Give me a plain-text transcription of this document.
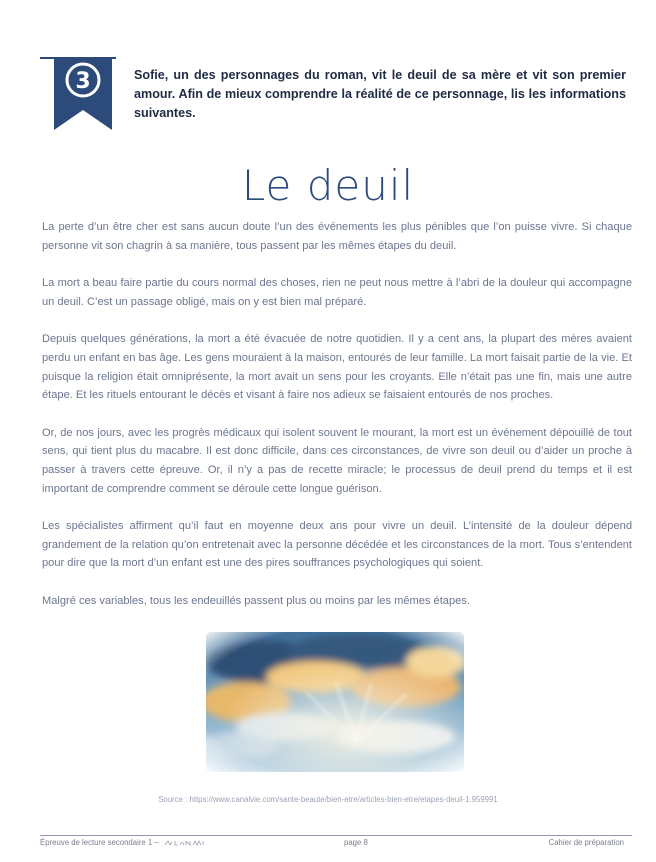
3	Sofie, un des personnages du roman, vit le deuil de sa mère et vit son premier amour. Afin de mieux comprendre la réalité de ce personnage, lis les informations suivantes.

Le deuil

La perte d’un être cher est sans aucun doute l’un des événements les plus pénibles que l’on puisse vivre. Si chaque personne vit son chagrin à sa manière, tous passent par les mêmes étapes du deuil.

La mort a beau faire partie du cours normal des choses, rien ne peut nous mettre à l’abri de la douleur qui accompagne un deuil. C’est un passage obligé, mais on y est bien mal préparé.

Depuis quelques générations, la mort a été évacuée de notre quotidien. Il y a cent ans, la plupart des mères avaient perdu un enfant en bas âge. Les gens mouraient à la maison, entourés de leur famille. La mort faisait partie de la vie. Et puisque la religion était omniprésente, la mort avait un sens pour les croyants. Elle n’était pas une fin, mais une autre étape. Et les rituels entourant le décès et visant à faire nos adieux se faisaient entourés de nos proches.

Or, de nos jours, avec les progrès médicaux qui isolent souvent le mourant, la mort est un événement dépouillé de tout sens, qui tient plus du macabre. Il est donc difficile, dans ces circonstances, de vivre son deuil ou d’aider un proche à passer à travers cette épreuve. Or, il n’y a pas de recette miracle; le processus de deuil prend du temps et il est important de comprendre comment se déroule cette longue guérison.

Les spécialistes affirment qu’il faut en moyenne deux ans pour vivre un deuil. L’intensité de la douleur dépend grandement de la relation qu’on entretenait avec la personne décédée et les circonstances de la mort. Tous s’entendent pour dire que la mort d’un enfant est une des pires souffrances psychologiques qui soient.

Malgré ces variables, tous les endeuillés passent plus ou moins par les mêmes étapes.

Source : https://www.canalvie.com/sante-beaute/bien-etre/articles-bien-etre/etapes-deuil-1.959991

Épreuve de lecture secondaire 1 –	page 8	Cahier de préparation
